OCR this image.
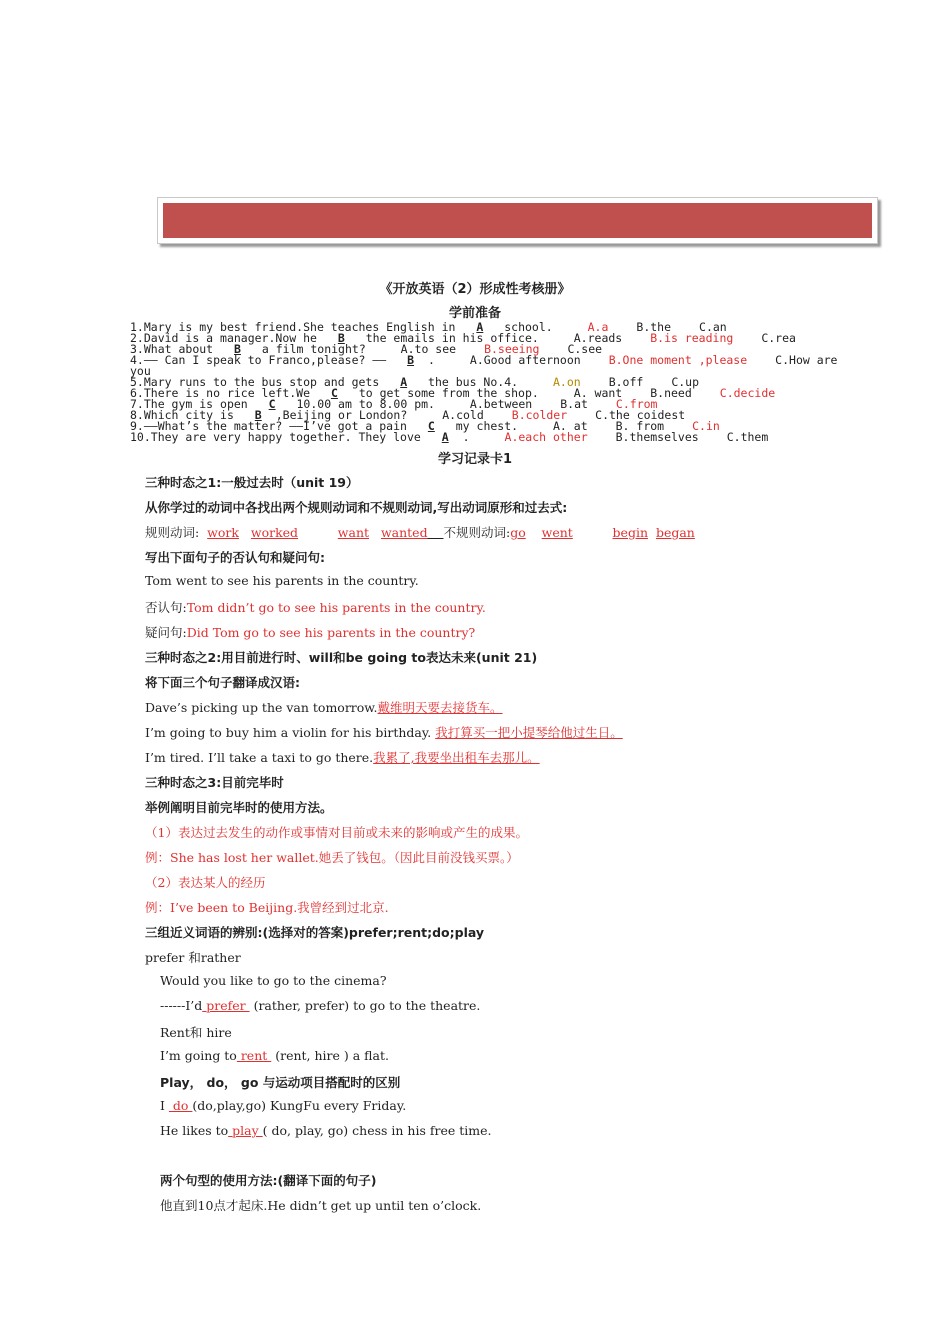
《开放英语（2）形成性考核册》
学前准备
1.Mary is my best friend.She teaches English in A school. A.a B.the C.an
2.David is a manager.Now he B the emails in his office. A.reads B.is reading C.rea
3.What about B a film tonight? A.to see B.seeing C.see
4.—— Can I speak to Franco,please? —— B . A.Good afternoon B.One moment ,please C.How are
you
5.Mary runs to the bus stop and gets A the bus No.4. A.on B.off C.up
6.There is no rice left.We C to get some from the shop. A. want B.need C.decide
7.The gym is open C 10.00 am to 8.00 pm. A.between B.at C.from
8.Which city is B ,Beijing or London? A.cold B.colder C.the coidest
9.——What’s the matter? ——I’ve got a pain C my chest. A. at B. from C.in
10.They are very happy together. They love A . A.each other B.themselves C.them
学习记录卡1
三种时态之1:一般过去时（unit 19）
从你学过的动词中各找出两个规则动词和不规则动词,写出动词原形和过去式:
规则动词: work worked	want wanted 不规则动词:go went	begin began
写出下面句子的否认句和疑问句:
Tom went to see his parents in the country.
否认句:Tom didn’t go to see his parents in the country.
疑问句:Did Tom go to see his parents in the country?
三种时态之2:用目前进行时、will和be going to表达未来(unit 21)
将下面三个句子翻译成汉语:
Dave’s picking up the van tomorrow.戴维明天要去接货车。
I’m going to buy him a violin for his birthday. 我打算买一把小提琴给他过生日。
I’m tired. I’ll take a taxi to go there.我累了,我要坐出租车去那儿。
三种时态之3:目前完毕时
举例阐明目前完毕时的使用方法。
（1）表达过去发生的动作或事情对目前或未来的影响或产生的成果。
例：She has lost her wallet.她丢了钱包。（因此目前没钱买票。）
（2）表达某人的经历
例：I’ve been to Beijing.我曾经到过北京.
三组近义词语的辨别:(选择对的答案)prefer;rent;do;play
prefer 和rather
Would you like to go to the cinema?
------I’d prefer  (rather, prefer) to go to the theatre.
Rent和 hire
I’m going to rent  (rent, hire ) a flat.
Play， do， go 与运动项目搭配时的区别
I  do (do,play,go) KungFu every Friday.
He likes to play ( do, play, go) chess in his free time.
两个句型的使用方法:(翻译下面的句子)
他直到10点才起床.He didn’t get up until ten o’clock.
